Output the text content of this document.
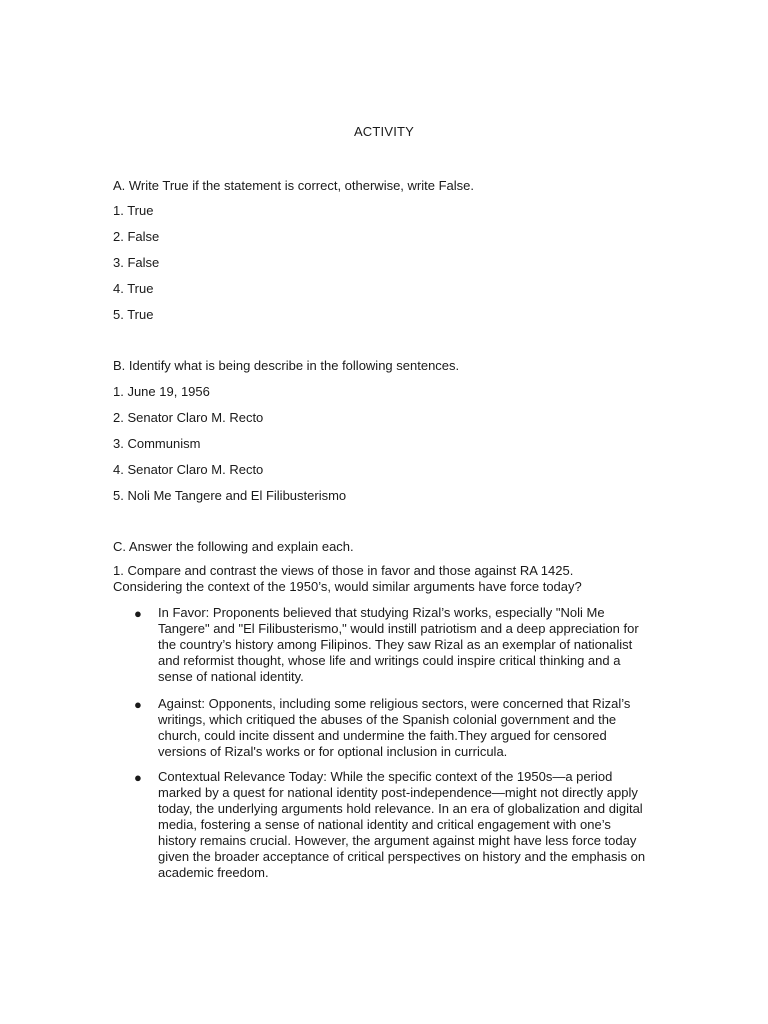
ACTIVITY
A. Write True if the statement is correct, otherwise, write False.
1. True
2. False
3. False
4. True
5. True
B. Identify what is being describe in the following sentences.
1. June 19, 1956
2. Senator Claro M. Recto
3. Communism
4. Senator Claro M. Recto
5. Noli Me Tangere and El Filibusterismo
C. Answer the following and explain each.
1. Compare and contrast the views of those in favor and those against RA 1425. Considering the context of the 1950’s, would similar arguments have force today?
● In Favor: Proponents believed that studying Rizal’s works, especially "Noli Me Tangere" and "El Filibusterismo," would instill patriotism and a deep appreciation for the country’s history among Filipinos. They saw Rizal as an exemplar of nationalist and reformist thought, whose life and writings could inspire critical thinking and a sense of national identity.
● Against: Opponents, including some religious sectors, were concerned that Rizal’s writings, which critiqued the abuses of the Spanish colonial government and the church, could incite dissent and undermine the faith.They argued for censored versions of Rizal's works or for optional inclusion in curricula.
● Contextual Relevance Today: While the specific context of the 1950s—a period marked by a quest for national identity post-independence—might not directly apply today, the underlying arguments hold relevance. In an era of globalization and digital media, fostering a sense of national identity and critical engagement with one’s history remains crucial. However, the argument against might have less force today given the broader acceptance of critical perspectives on history and the emphasis on academic freedom.
